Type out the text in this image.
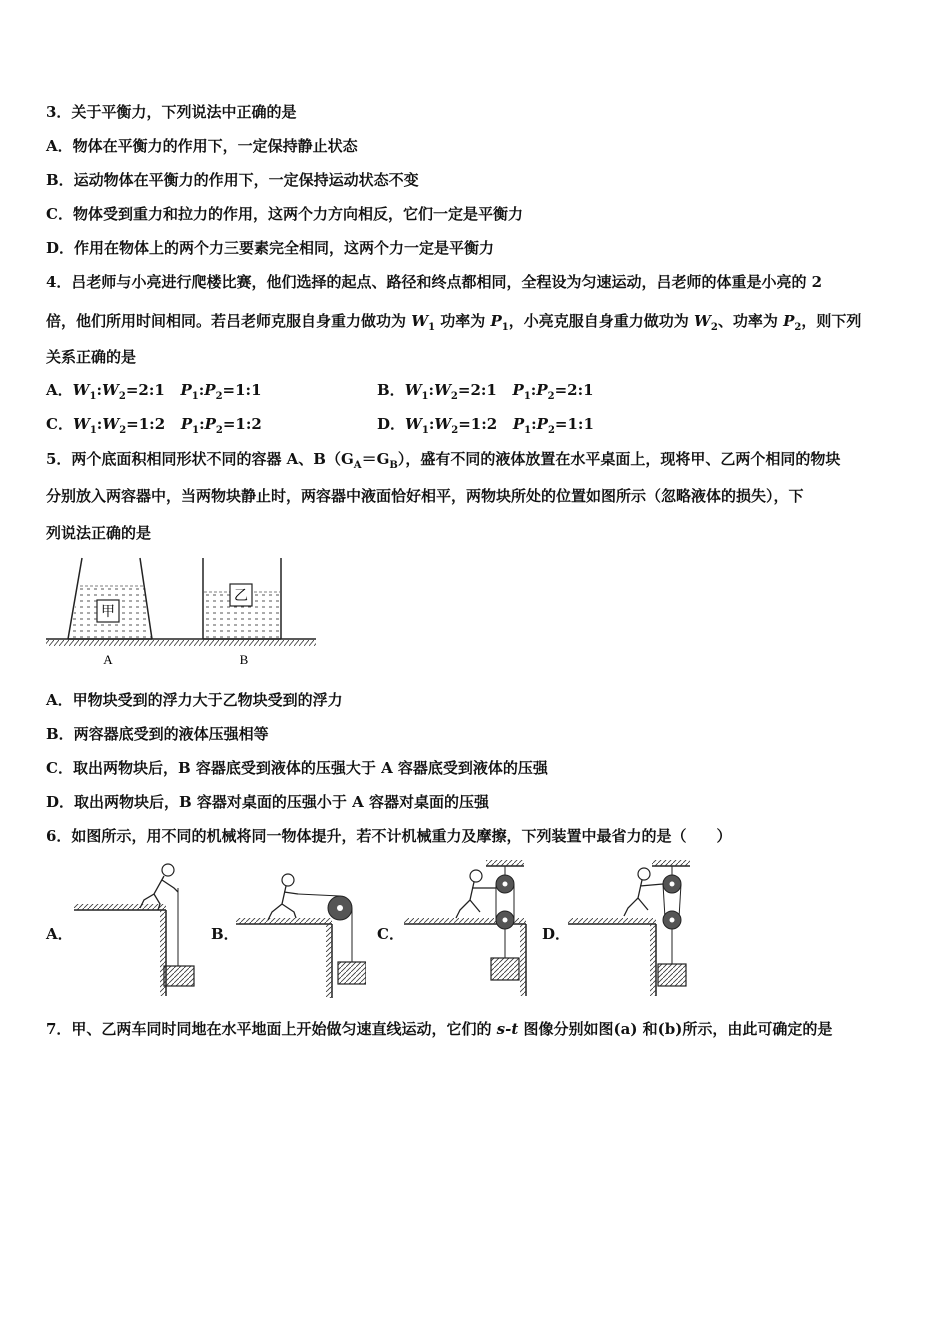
3．关于平衡力，下列说法中正确的是
A．物体在平衡力的作用下，一定保持静止状态
B．运动物体在平衡力的作用下，一定保持运动状态不变
C．物体受到重力和拉力的作用，这两个力方向相反，它们一定是平衡力
D．作用在物体上的两个力三要素完全相同，这两个力一定是平衡力
4．吕老师与小亮进行爬楼比赛，他们选择的起点、路径和终点都相同，全程设为匀速运动，吕老师的体重是小亮的 2
倍，他们所用时间相同。若吕老师克服自身重力做功为 $W_1$ 功率为 $P_1$，小亮克服自身重力做功为 $W_2$、功率为 $P_2$，则下列
关系正确的是
A．$W_1:W_2=2:1$ $P_1:P_2=1:1$	B．$W_1:W_2=2:1$ $P_1:P_2=2:1$
C．$W_1:W_2=1:2$ $P_1:P_2=1:2$	D．$W_1:W_2=1:2$ $P_1:P_2=1:1$
5．两个底面积相同形状不同的容器 A、$B(G_A=G_B)$，盛有不同的液体放置在水平桌面上，现将甲、乙两个相同的物块
分别放入两容器中，当两物块静止时，两容器中液面恰好相平，两物块所处的位置如图所示（忽略液体的损失），下
列说法正确的是
甲
乙
A	B
A．甲物块受到的浮力大于乙物块受到的浮力
B．两容器底受到的液体压强相等
C．取出两物块后，B 容器底受到液体的压强大于 A 容器底受到液体的压强
D．取出两物块后，B 容器对桌面的压强小于 A 容器对桌面的压强
6．如图所示，用不同的机械将同一物体提升，若不计机械重力及摩擦，下列装置中最省力的是（　　）
A．	B．	C．	D．
7．甲、乙两车同时同地在水平地面上开始做匀速直线运动，它们的 s-t 图像分别如图(a) 和(b)所示，由此可确定的是
